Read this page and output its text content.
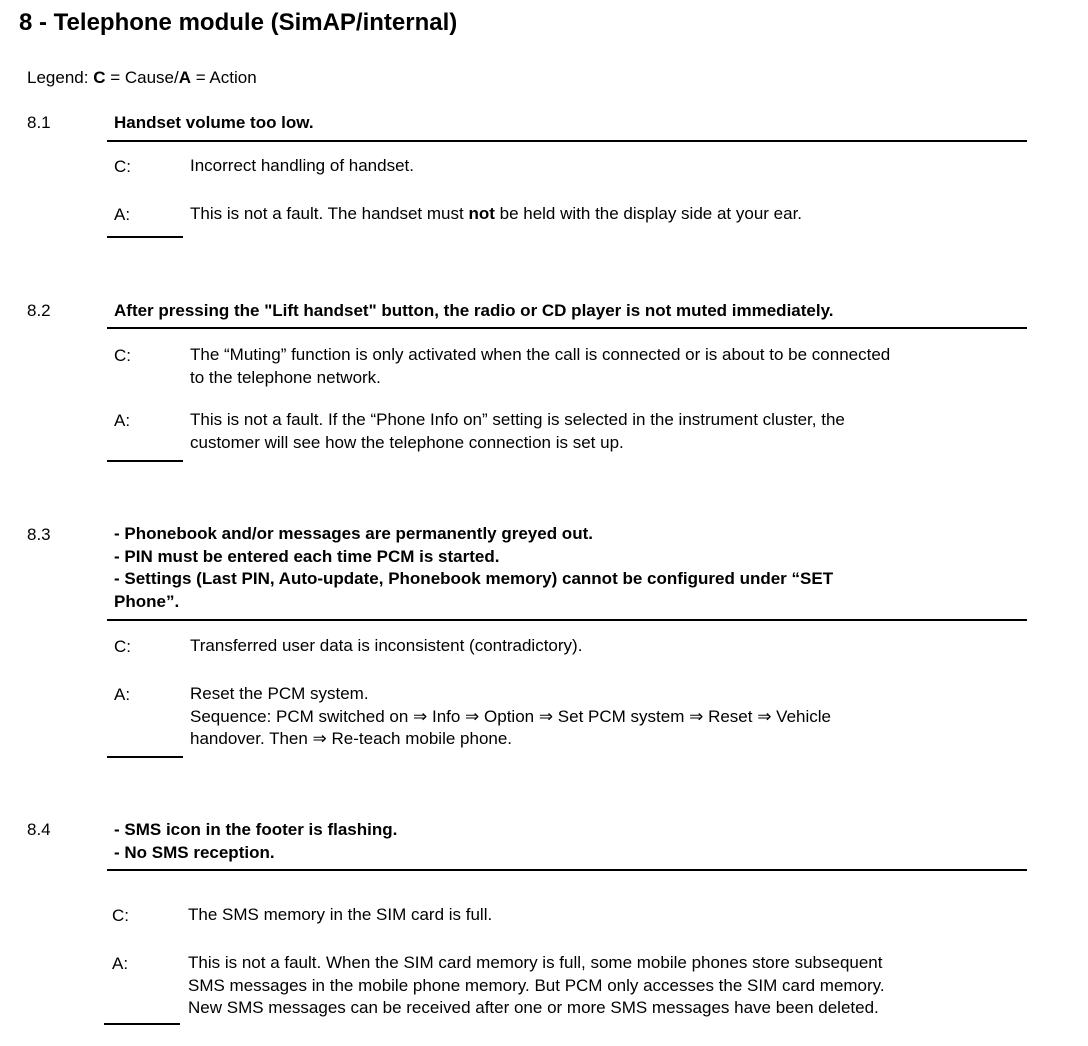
8 - Telephone module (SimAP/internal)
Legend: C = Cause/A = Action
8.1	Handset volume too low.
C:	Incorrect handling of handset.
A:	This is not a fault. The handset must not be held with the display side at your ear.
8.2	After pressing the "Lift handset" button, the radio or CD player is not muted immediately.
C:	The “Muting” function is only activated when the call is connected or is about to be connected
to the telephone network.
A:	This is not a fault. If the “Phone Info on” setting is selected in the instrument cluster, the
customer will see how the telephone connection is set up.
8.3	- Phonebook and/or messages are permanently greyed out.
- PIN must be entered each time PCM is started.
- Settings (Last PIN, Auto-update, Phonebook memory) cannot be configured under “SET
Phone”.
C:	Transferred user data is inconsistent (contradictory).
A:	Reset the PCM system.
Sequence: PCM switched on ⇒ Info ⇒ Option ⇒ Set PCM system ⇒ Reset ⇒ Vehicle
handover. Then ⇒ Re-teach mobile phone.
8.4	- SMS icon in the footer is flashing.
- No SMS reception.
C:	The SMS memory in the SIM card is full.
A:	This is not a fault. When the SIM card memory is full, some mobile phones store subsequent
SMS messages in the mobile phone memory. But PCM only accesses the SIM card memory.
New SMS messages can be received after one or more SMS messages have been deleted.
